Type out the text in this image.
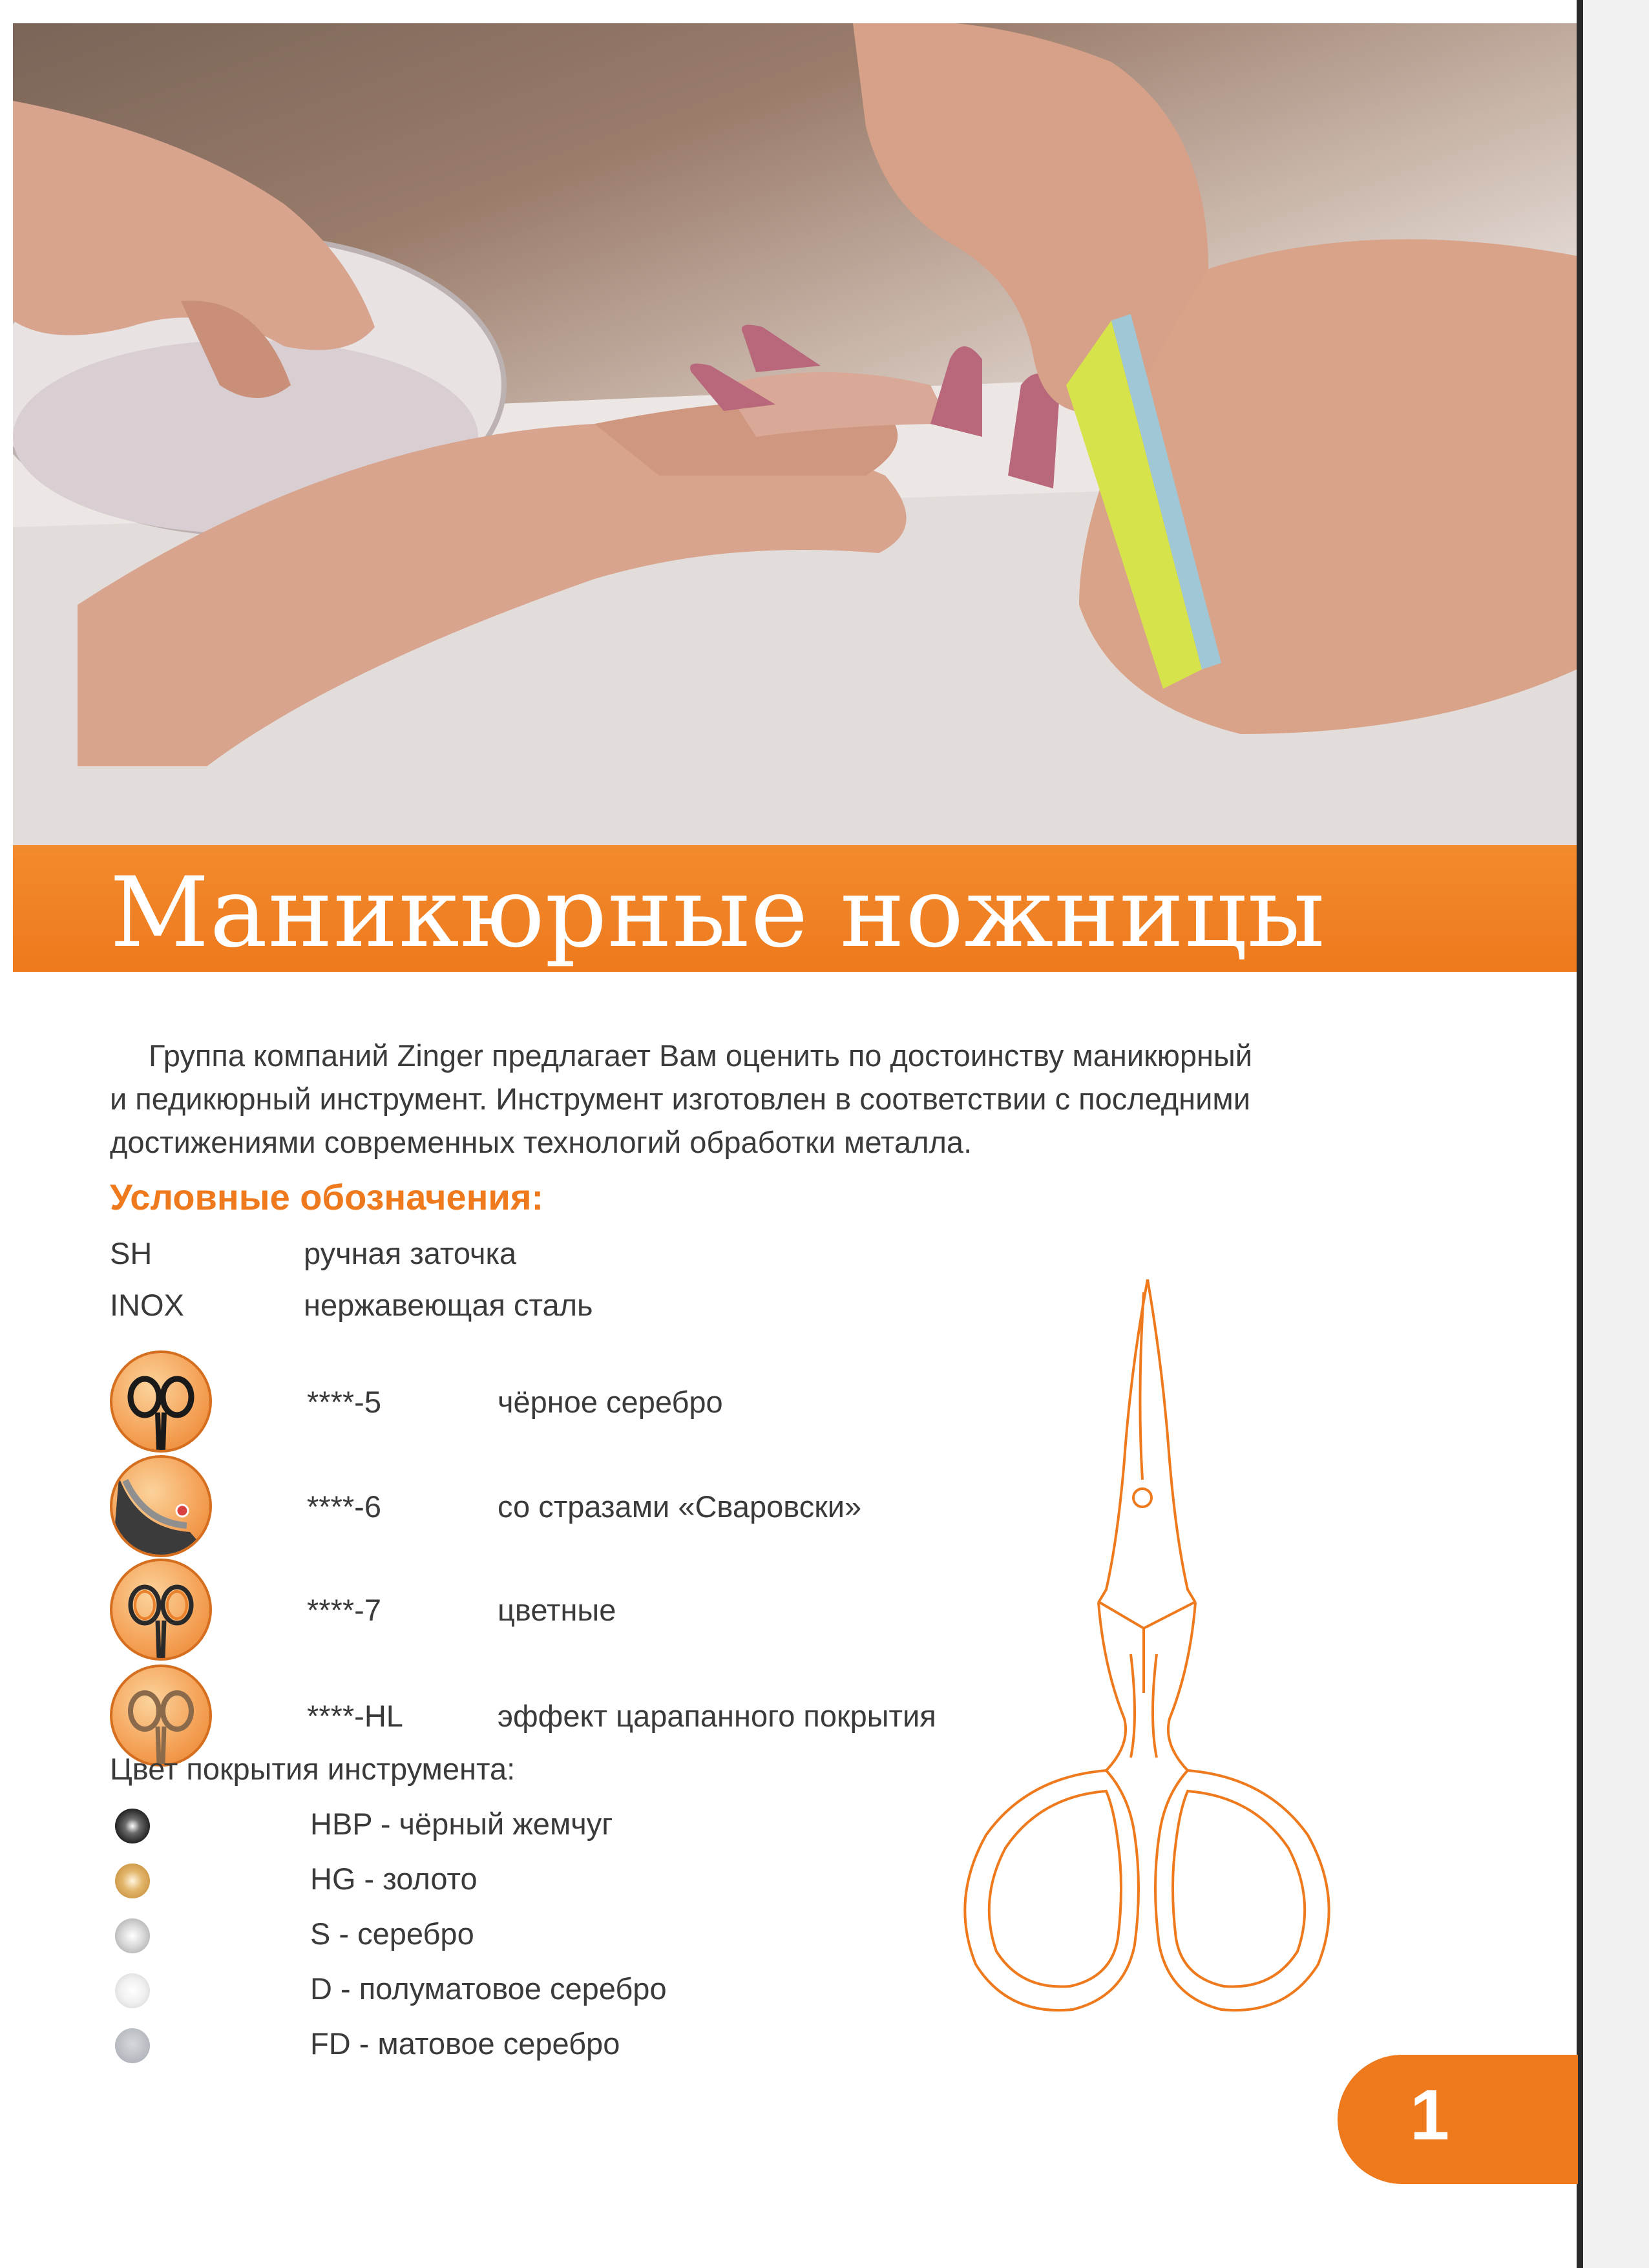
Маникюрные ножницы
Группа компаний Zinger предлагает Вам оценить по достоинству маникюрный
и педикюрный инструмент. Инструмент изготовлен в соответствии с последними
достижениями современных технологий обработки металла.
Условные обозначения:
SH	ручная заточка
INOX	нержавеющая сталь
****-5	чёрное серебро
****-6	со стразами «Сваровски»
****-7	цветные
****-HL	эффект царапанного покрытия
Цвет покрытия инструмента:
HBP - чёрный жемчуг
HG - золото
S - серебро
D - полуматовое серебро
FD - матовое серебро
1
